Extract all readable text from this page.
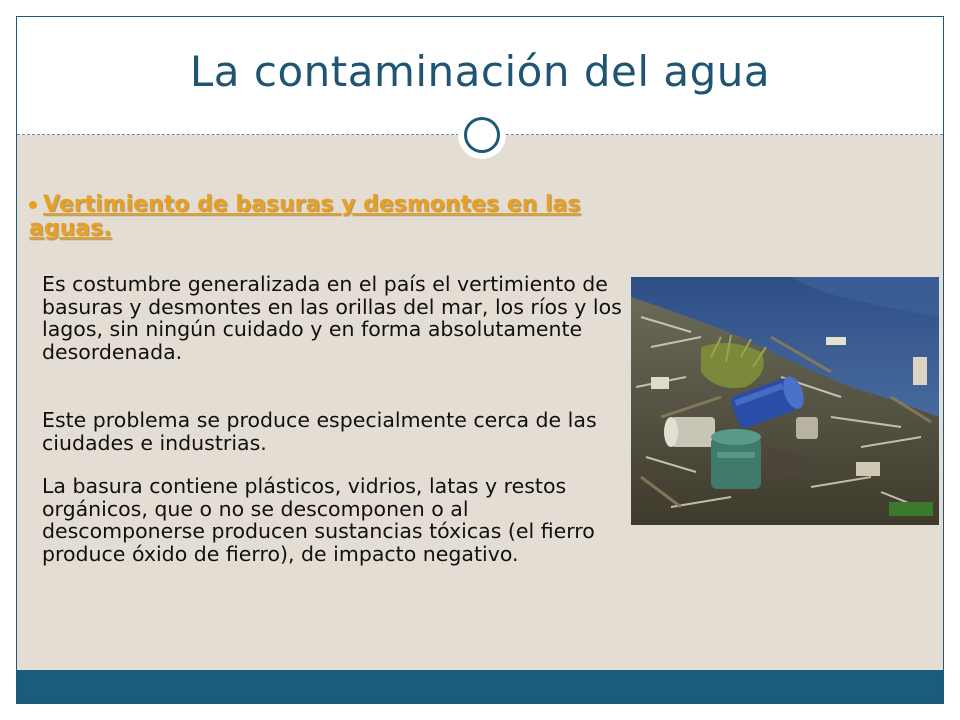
La contaminación del agua
Vertimiento de basuras y desmontes en las aguas.

Es costumbre generalizada en el país el vertimiento de basuras y desmontes en las orillas del mar, los ríos y los lagos, sin ningún cuidado y en forma absolutamente desordenada.

Este problema se produce especialmente cerca de las ciudades e industrias.

La basura contiene plásticos, vidrios, latas y restos orgánicos, que o no se descomponen o al descomponerse producen sustancias tóxicas (el fierro produce óxido de fierro), de impacto negativo.
